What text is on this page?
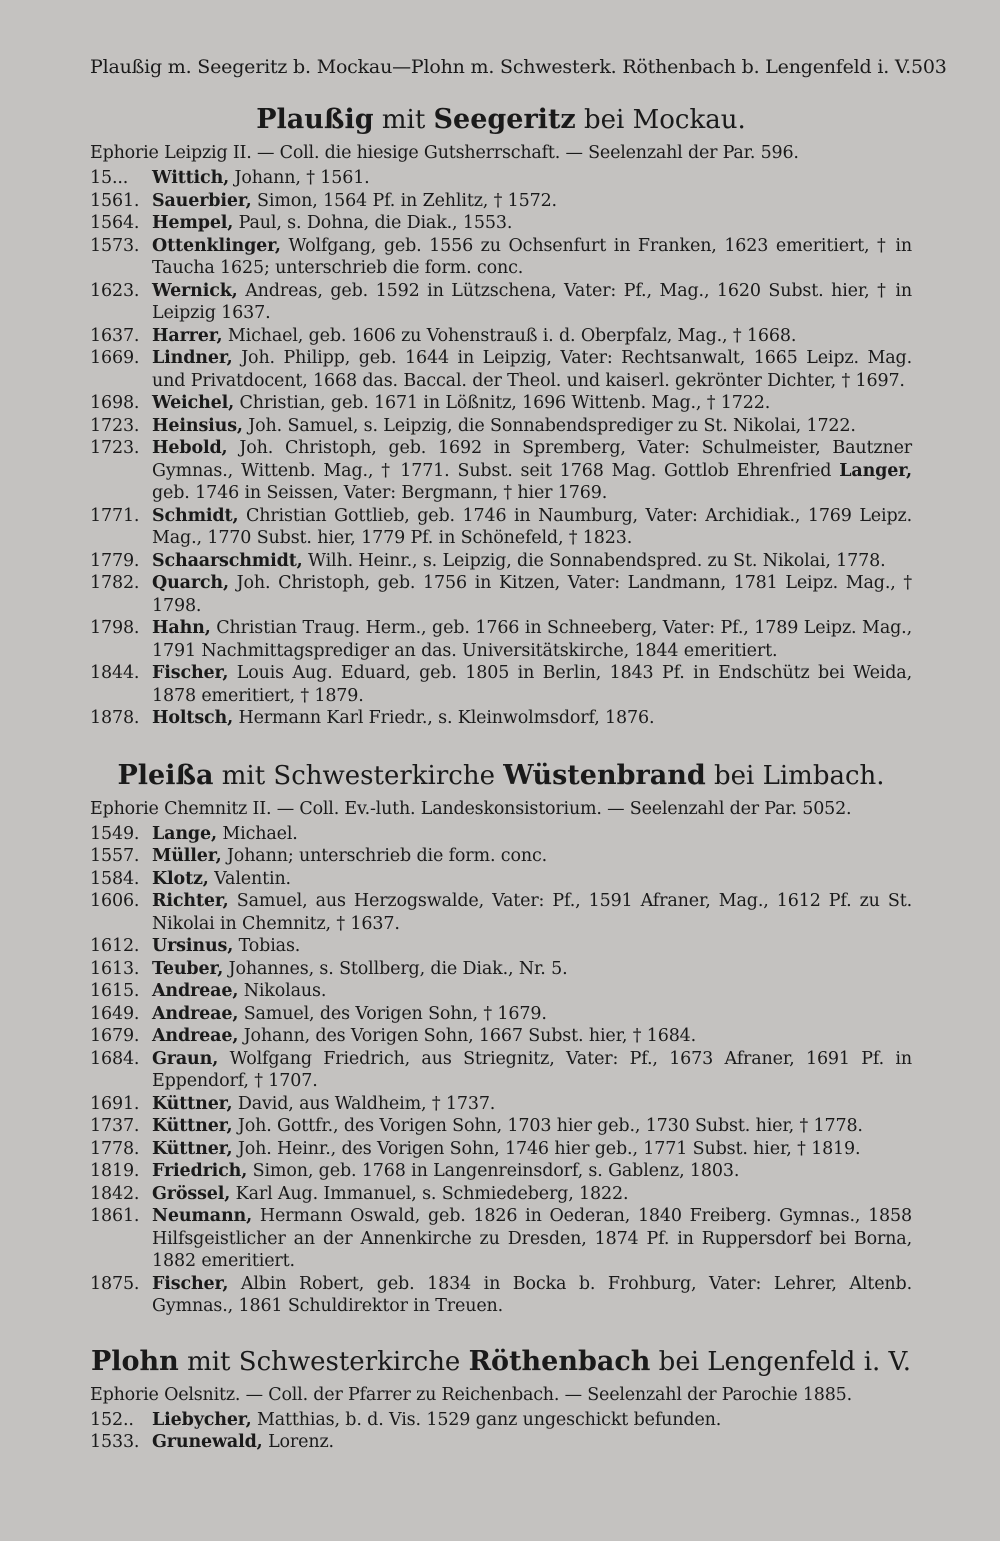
Plaußig m. Seegeritz b. Mockau—Plohn m. Schwesterk. Röthenbach b. Lengenfeld i. V. 503
Plaußig mit Seegeritz bei Mockau.
Ephorie Leipzig II. — Coll. die hiesige Gutsherrschaft. — Seelenzahl der Par. 596.
15...	Wittich, Johann, † 1561.
1561. Sauerbier, Simon, 1564 Pf. in Zehlitz, † 1572.
1564. Hempel, Paul, s. Dohna, die Diak., 1553.
1573. Ottenklinger, Wolfgang, geb. 1556 zu Ochsenfurt in Franken, 1623 emeritiert, † in Taucha 1625; unterschrieb die form. conc.
1623. Wernick, Andreas, geb. 1592 in Lützschena, Vater: Pf., Mag., 1620 Subst. hier, † in Leipzig 1637.
1637. Harrer, Michael, geb. 1606 zu Vohenstrauß i. d. Oberpfalz, Mag., † 1668.
1669. Lindner, Joh. Philipp, geb. 1644 in Leipzig, Vater: Rechtsanwalt, 1665 Leipz. Mag. und Privatdocent, 1668 das. Baccal. der Theol. und kaiserl. gekrönter Dichter, † 1697.
1698. Weichel, Christian, geb. 1671 in Lößnitz, 1696 Wittenb. Mag., † 1722.
1723. Heinsius, Joh. Samuel, s. Leipzig, die Sonnabendsprediger zu St. Nikolai, 1722.
1723. Hebold, Joh. Christoph, geb. 1692 in Spremberg, Vater: Schulmeister, Bautzner Gymnas., Wittenb. Mag., † 1771. Subst. seit 1768 Mag. Gottlob Ehrenfried Langer, geb. 1746 in Seissen, Vater: Bergmann, † hier 1769.
1771. Schmidt, Christian Gottlieb, geb. 1746 in Naumburg, Vater: Archidiak., 1769 Leipz. Mag., 1770 Subst. hier, 1779 Pf. in Schönefeld, † 1823.
1779. Schaarschmidt, Wilh. Heinr., s. Leipzig, die Sonnabendspred. zu St. Nikolai, 1778.
1782. Quarch, Joh. Christoph, geb. 1756 in Kitzen, Vater: Landmann, 1781 Leipz. Mag., † 1798.
1798. Hahn, Christian Traug. Herm., geb. 1766 in Schneeberg, Vater: Pf., 1789 Leipz. Mag., 1791 Nachmittagsprediger an das. Universitätskirche, 1844 emeritiert.
1844. Fischer, Louis Aug. Eduard, geb. 1805 in Berlin, 1843 Pf. in Endschütz bei Weida, 1878 emeritiert, † 1879.
1878. Holtsch, Hermann Karl Friedr., s. Kleinwolmsdorf, 1876.
Pleißa mit Schwesterkirche Wüstenbrand bei Limbach.
Ephorie Chemnitz II. — Coll. Ev.-luth. Landeskonsistorium. — Seelenzahl der Par. 5052.
1549. Lange, Michael.
1557. Müller, Johann; unterschrieb die form. conc.
1584. Klotz, Valentin.
1606. Richter, Samuel, aus Herzogswalde, Vater: Pf., 1591 Afraner, Mag., 1612 Pf. zu St. Nikolai in Chemnitz, † 1637.
1612. Ursinus, Tobias.
1613. Teuber, Johannes, s. Stollberg, die Diak., Nr. 5.
1615. Andreae, Nikolaus.
1649. Andreae, Samuel, des Vorigen Sohn, † 1679.
1679. Andreae, Johann, des Vorigen Sohn, 1667 Subst. hier, † 1684.
1684. Graun, Wolfgang Friedrich, aus Striegnitz, Vater: Pf., 1673 Afraner, 1691 Pf. in Eppendorf, † 1707.
1691. Küttner, David, aus Waldheim, † 1737.
1737. Küttner, Joh. Gottfr., des Vorigen Sohn, 1703 hier geb., 1730 Subst. hier, † 1778.
1778. Küttner, Joh. Heinr., des Vorigen Sohn, 1746 hier geb., 1771 Subst. hier, † 1819.
1819. Friedrich, Simon, geb. 1768 in Langenreinsdorf, s. Gablenz, 1803.
1842. Grössel, Karl Aug. Immanuel, s. Schmiedeberg, 1822.
1861. Neumann, Hermann Oswald, geb. 1826 in Oederan, 1840 Freiberg. Gymnas., 1858 Hilfsgeistlicher an der Annenkirche zu Dresden, 1874 Pf. in Ruppersdorf bei Borna, 1882 emeritiert.
1875. Fischer, Albin Robert, geb. 1834 in Bocka b. Frohburg, Vater: Lehrer, Altenb. Gymnas., 1861 Schuldirektor in Treuen.
Plohn mit Schwesterkirche Röthenbach bei Lengenfeld i. V.
Ephorie Oelsnitz. — Coll. der Pfarrer zu Reichenbach. — Seelenzahl der Parochie 1885.
152..	Liebycher, Matthias, b. d. Vis. 1529 ganz ungeschickt befunden.
1533. Grunewald, Lorenz.
